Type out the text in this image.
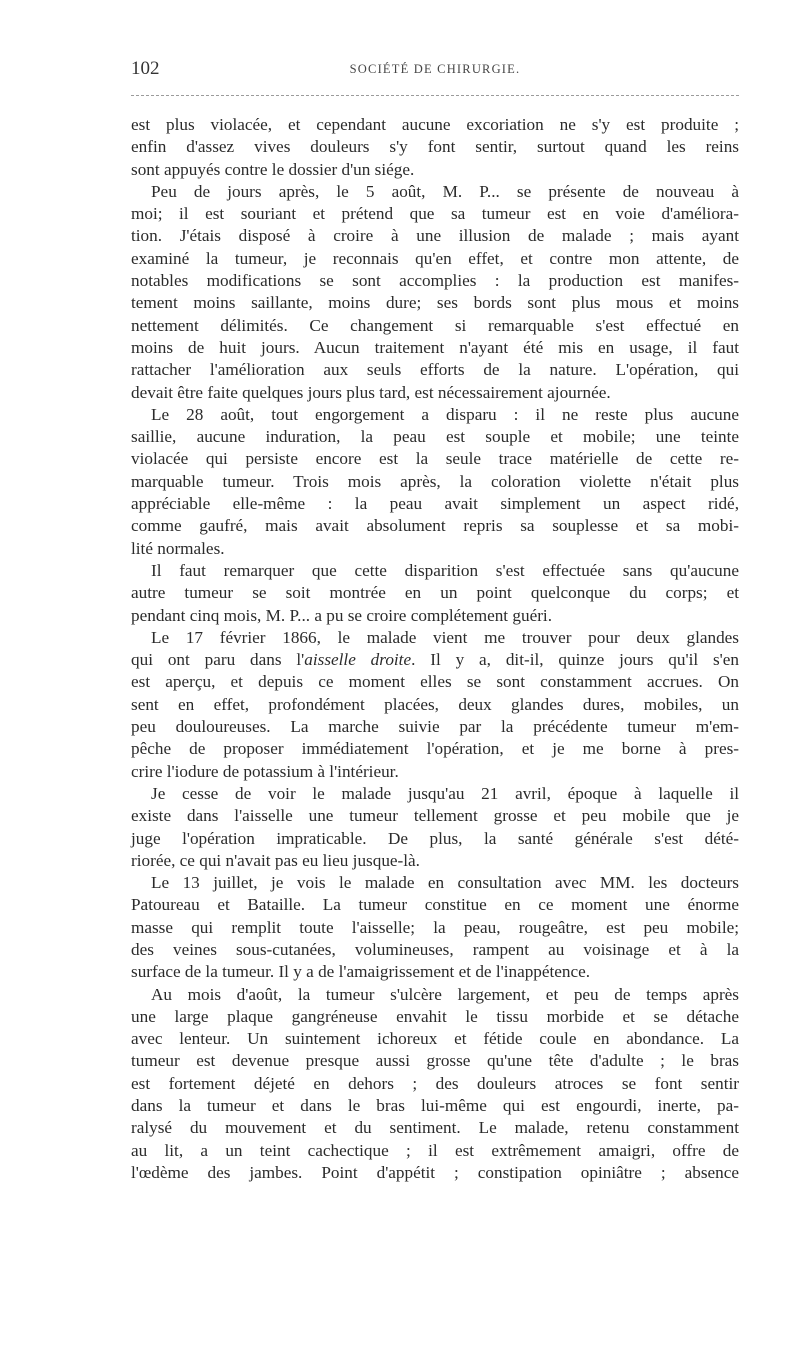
102	SOCIÉTÉ DE CHIRURGIE.
est plus violacée, et cependant aucune excoriation ne s'y est produite ;
enfin d'assez vives douleurs s'y font sentir, surtout quand les reins
sont appuyés contre le dossier d'un siége.
Peu de jours après, le 5 août, M. P... se présente de nouveau à
moi; il est souriant et prétend que sa tumeur est en voie d'améliora-
tion. J'étais disposé à croire à une illusion de malade ; mais ayant
examiné la tumeur, je reconnais qu'en effet, et contre mon attente, de
notables modifications se sont accomplies : la production est manifes-
tement moins saillante, moins dure; ses bords sont plus mous et moins
nettement délimités. Ce changement si remarquable s'est effectué en
moins de huit jours. Aucun traitement n'ayant été mis en usage, il faut
rattacher l'amélioration aux seuls efforts de la nature. L'opération, qui
devait être faite quelques jours plus tard, est nécessairement ajournée.
Le 28 août, tout engorgement a disparu : il ne reste plus aucune
saillie, aucune induration, la peau est souple et mobile; une teinte
violacée qui persiste encore est la seule trace matérielle de cette re-
marquable tumeur. Trois mois après, la coloration violette n'était plus
appréciable elle-même : la peau avait simplement un aspect ridé,
comme gaufré, mais avait absolument repris sa souplesse et sa mobi-
lité normales.
Il faut remarquer que cette disparition s'est effectuée sans qu'aucune
autre tumeur se soit montrée en un point quelconque du corps; et
pendant cinq mois, M. P... a pu se croire complétement guéri.
Le 17 février 1866, le malade vient me trouver pour deux glandes
qui ont paru dans l'aisselle droite. Il y a, dit-il, quinze jours qu'il s'en
est aperçu, et depuis ce moment elles se sont constamment accrues. On
sent en effet, profondément placées, deux glandes dures, mobiles, un
peu douloureuses. La marche suivie par la précédente tumeur m'em-
pêche de proposer immédiatement l'opération, et je me borne à pres-
crire l'iodure de potassium à l'intérieur.
Je cesse de voir le malade jusqu'au 21 avril, époque à laquelle il
existe dans l'aisselle une tumeur tellement grosse et peu mobile que je
juge l'opération impraticable. De plus, la santé générale s'est dété-
riorée, ce qui n'avait pas eu lieu jusque-là.
Le 13 juillet, je vois le malade en consultation avec MM. les docteurs
Patoureau et Bataille. La tumeur constitue en ce moment une énorme
masse qui remplit toute l'aisselle; la peau, rougeâtre, est peu mobile;
des veines sous-cutanées, volumineuses, rampent au voisinage et à la
surface de la tumeur. Il y a de l'amaigrissement et de l'inappétence.
Au mois d'août, la tumeur s'ulcère largement, et peu de temps après
une large plaque gangréneuse envahit le tissu morbide et se détache
avec lenteur. Un suintement ichoreux et fétide coule en abondance. La
tumeur est devenue presque aussi grosse qu'une tête d'adulte ; le bras
est fortement déjeté en dehors ; des douleurs atroces se font sentir
dans la tumeur et dans le bras lui-même qui est engourdi, inerte, pa-
ralysé du mouvement et du sentiment. Le malade, retenu constamment
au lit, a un teint cachectique ; il est extrêmement amaigri, offre de
l'œdème des jambes. Point d'appétit ; constipation opiniâtre ; absence
